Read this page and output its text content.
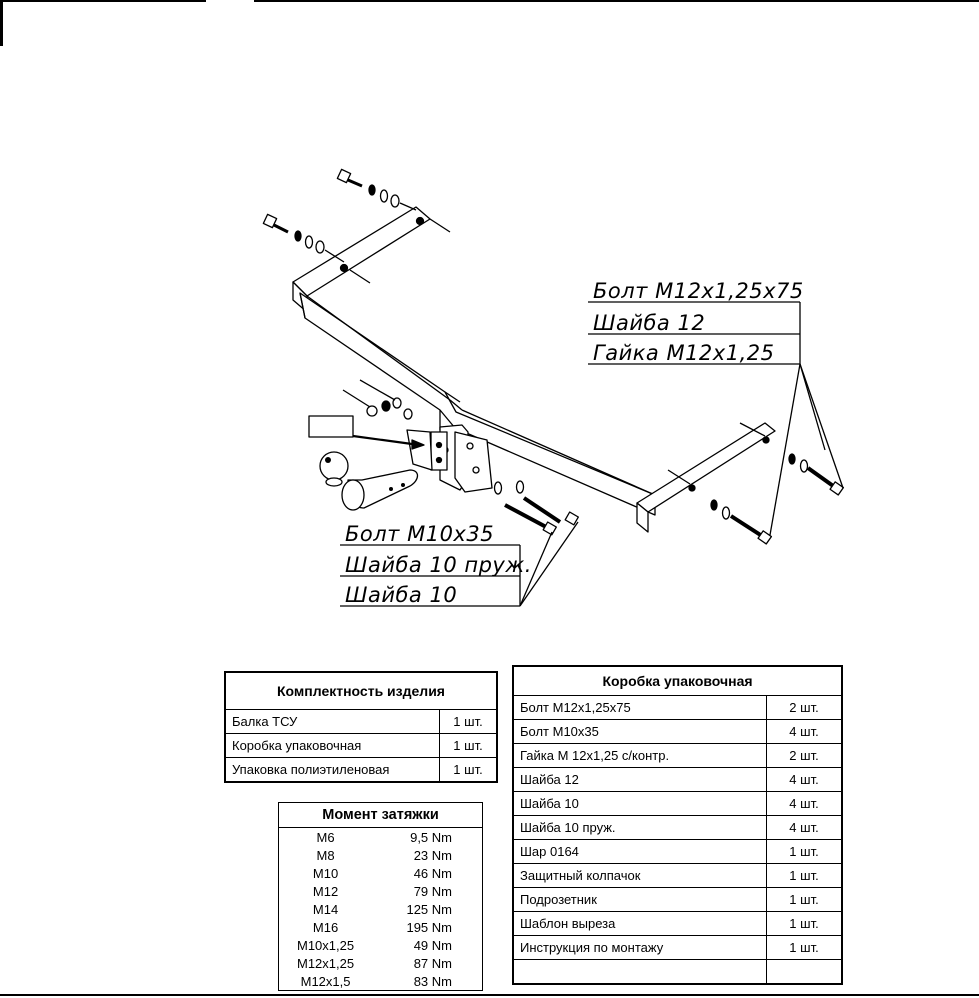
Болт М12х1,25х75
Шайба 12
Гайка М12х1,25
Болт М10х35
Шайба 10 пруж.
Шайба 10
Комплектность изделия	
Балка ТСУ	1 шт.
Коробка упаковочная	1 шт.
Упаковка полиэтиленовая	1 шт.
Момент затяжки	
М6	9,5 Nm
М8	23 Nm
М10	46 Nm
М12	79 Nm
М14	125 Nm
М16	195 Nm
М10х1,25	49 Nm
М12х1,25	87 Nm
М12х1,5	83 Nm
Коробка упаковочная	
Болт М12х1,25х75	2 шт.
Болт М10х35	4 шт.
Гайка М 12х1,25 с/контр.	2 шт.
Шайба 12	4 шт.
Шайба 10	4 шт.
Шайба 10 пруж.	4 шт.
Шар 0164	1 шт.
Защитный колпачок	1 шт.
Подрозетник	1 шт.
Шаблон выреза	1 шт.
Инструкция по монтажу	1 шт.
